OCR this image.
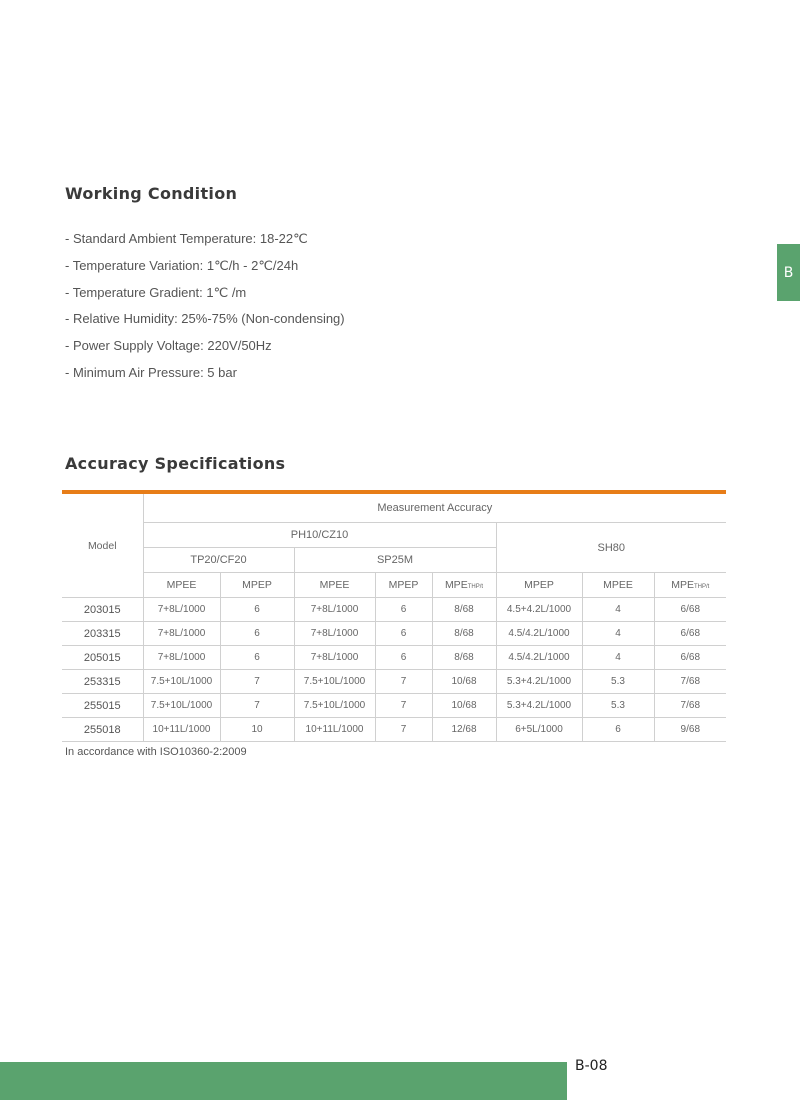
B
Working Condition
- Standard Ambient Temperature: 18-22℃
- Temperature Variation: 1℃/h - 2℃/24h
- Temperature Gradient: 1℃ /m
- Relative Humidity: 25%-75% (Non-condensing)
- Power Supply Voltage: 220V/50Hz
- Minimum Air Pressure: 5 bar
Accuracy Specifications
Model	Measurement Accuracy							
	PH10/CZ10					SH80		
	TP20/CF20		SP25M					
	MPEE	MPEP	MPEE	MPEP	MPETHP/t	MPEP	MPEE	MPETHP/t
203015	7+8L/1000	6	7+8L/1000	6	8/68	4.5+4.2L/1000	4	6/68
203315	7+8L/1000	6	7+8L/1000	6	8/68	4.5/4.2L/1000	4	6/68
205015	7+8L/1000	6	7+8L/1000	6	8/68	4.5/4.2L/1000	4	6/68
253315	7.5+10L/1000	7	7.5+10L/1000	7	10/68	5.3+4.2L/1000	5.3	7/68
255015	7.5+10L/1000	7	7.5+10L/1000	7	10/68	5.3+4.2L/1000	5.3	7/68
255018	10+11L/1000	10	10+11L/1000	7	12/68	6+5L/1000	6	9/68
In accordance with ISO10360-2:2009
B-08
